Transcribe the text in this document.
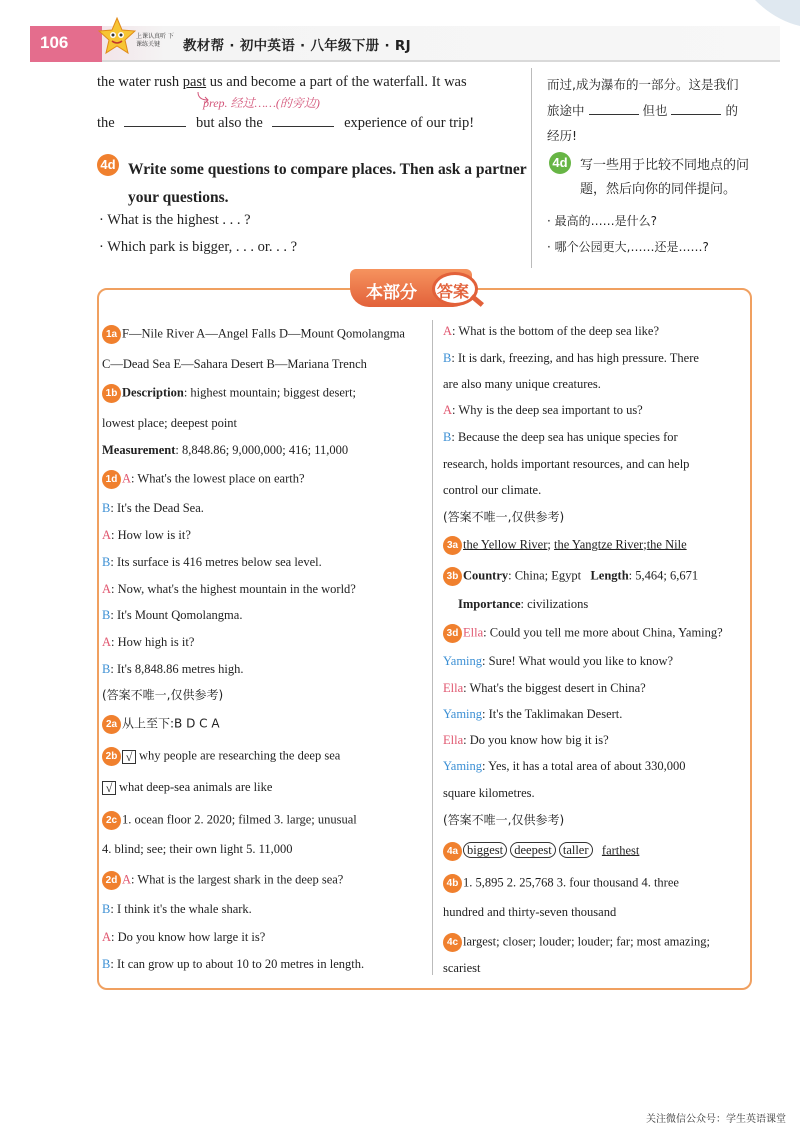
106	上课认真听 下课练关键	教材帮 · 初中英语 · 八年级下册 · RJ
the water rush past us and become a part of the waterfall. It was
prep. 经过……(的旁边)
the	but also the	experience of our trip!
而过,成为瀑布的一部分。这是我们
旅途中	但也	的
经历!
4d Write some questions to compare places. Then ask a partner your questions.
· What is the highest . . . ?
· Which park is bigger, . . . or. . . ?
4d 写一些用于比较不同地点的问题，然后向你的同伴提问。
· 最高的……是什么?
· 哪个公园更大,……还是……?
本部分 答案
1a F—Nile River A—Angel Falls D—Mount Qomolangma
C—Dead Sea E—Sahara Desert B—Mariana Trench
1b Description: highest mountain; biggest desert;
lowest place; deepest point
Measurement: 8,848.86; 9,000,000; 416; 11,000
1d A: What's the lowest place on earth?
B: It's the Dead Sea.
A: How low is it?
B: Its surface is 416 metres below sea level.
A: Now, what's the highest mountain in the world?
B: It's Mount Qomolangma.
A: How high is it?
B: It's 8,848.86 metres high.
(答案不唯一,仅供参考)
2a 从上至下:B D C A
2b √ why people are researching the deep sea
√ what deep-sea animals are like
2c 1. ocean floor 2. 2020; filmed 3. large; unusual
4. blind; see; their own light 5. 11,000
2d A: What is the largest shark in the deep sea?
B: I think it's the whale shark.
A: Do you know how large it is?
B: It can grow up to about 10 to 20 metres in length.
A: What is the bottom of the deep sea like?
B: It is dark, freezing, and has high pressure. There
are also many unique creatures.
A: Why is the deep sea important to us?
B: Because the deep sea has unique species for
research, holds important resources, and can help
control our climate.
(答案不唯一,仅供参考)
3a the Yellow River; the Yangtze River;the Nile
3b Country: China; Egypt Length: 5,464; 6,671
Importance: civilizations
3d Ella: Could you tell me more about China, Yaming?
Yaming: Sure! What would you like to know?
Ella: What's the biggest desert in China?
Yaming: It's the Taklimakan Desert.
Ella: Do you know how big it is?
Yaming: Yes, it has a total area of about 330,000
square kilometres.
(答案不唯一,仅供参考)
4a biggest deepest taller farthest
4b 1. 5,895 2. 25,768 3. four thousand 4. three
hundred and thirty-seven thousand
4c largest; closer; louder; louder; far; most amazing;
scariest
关注微信公众号：学生英语课堂
